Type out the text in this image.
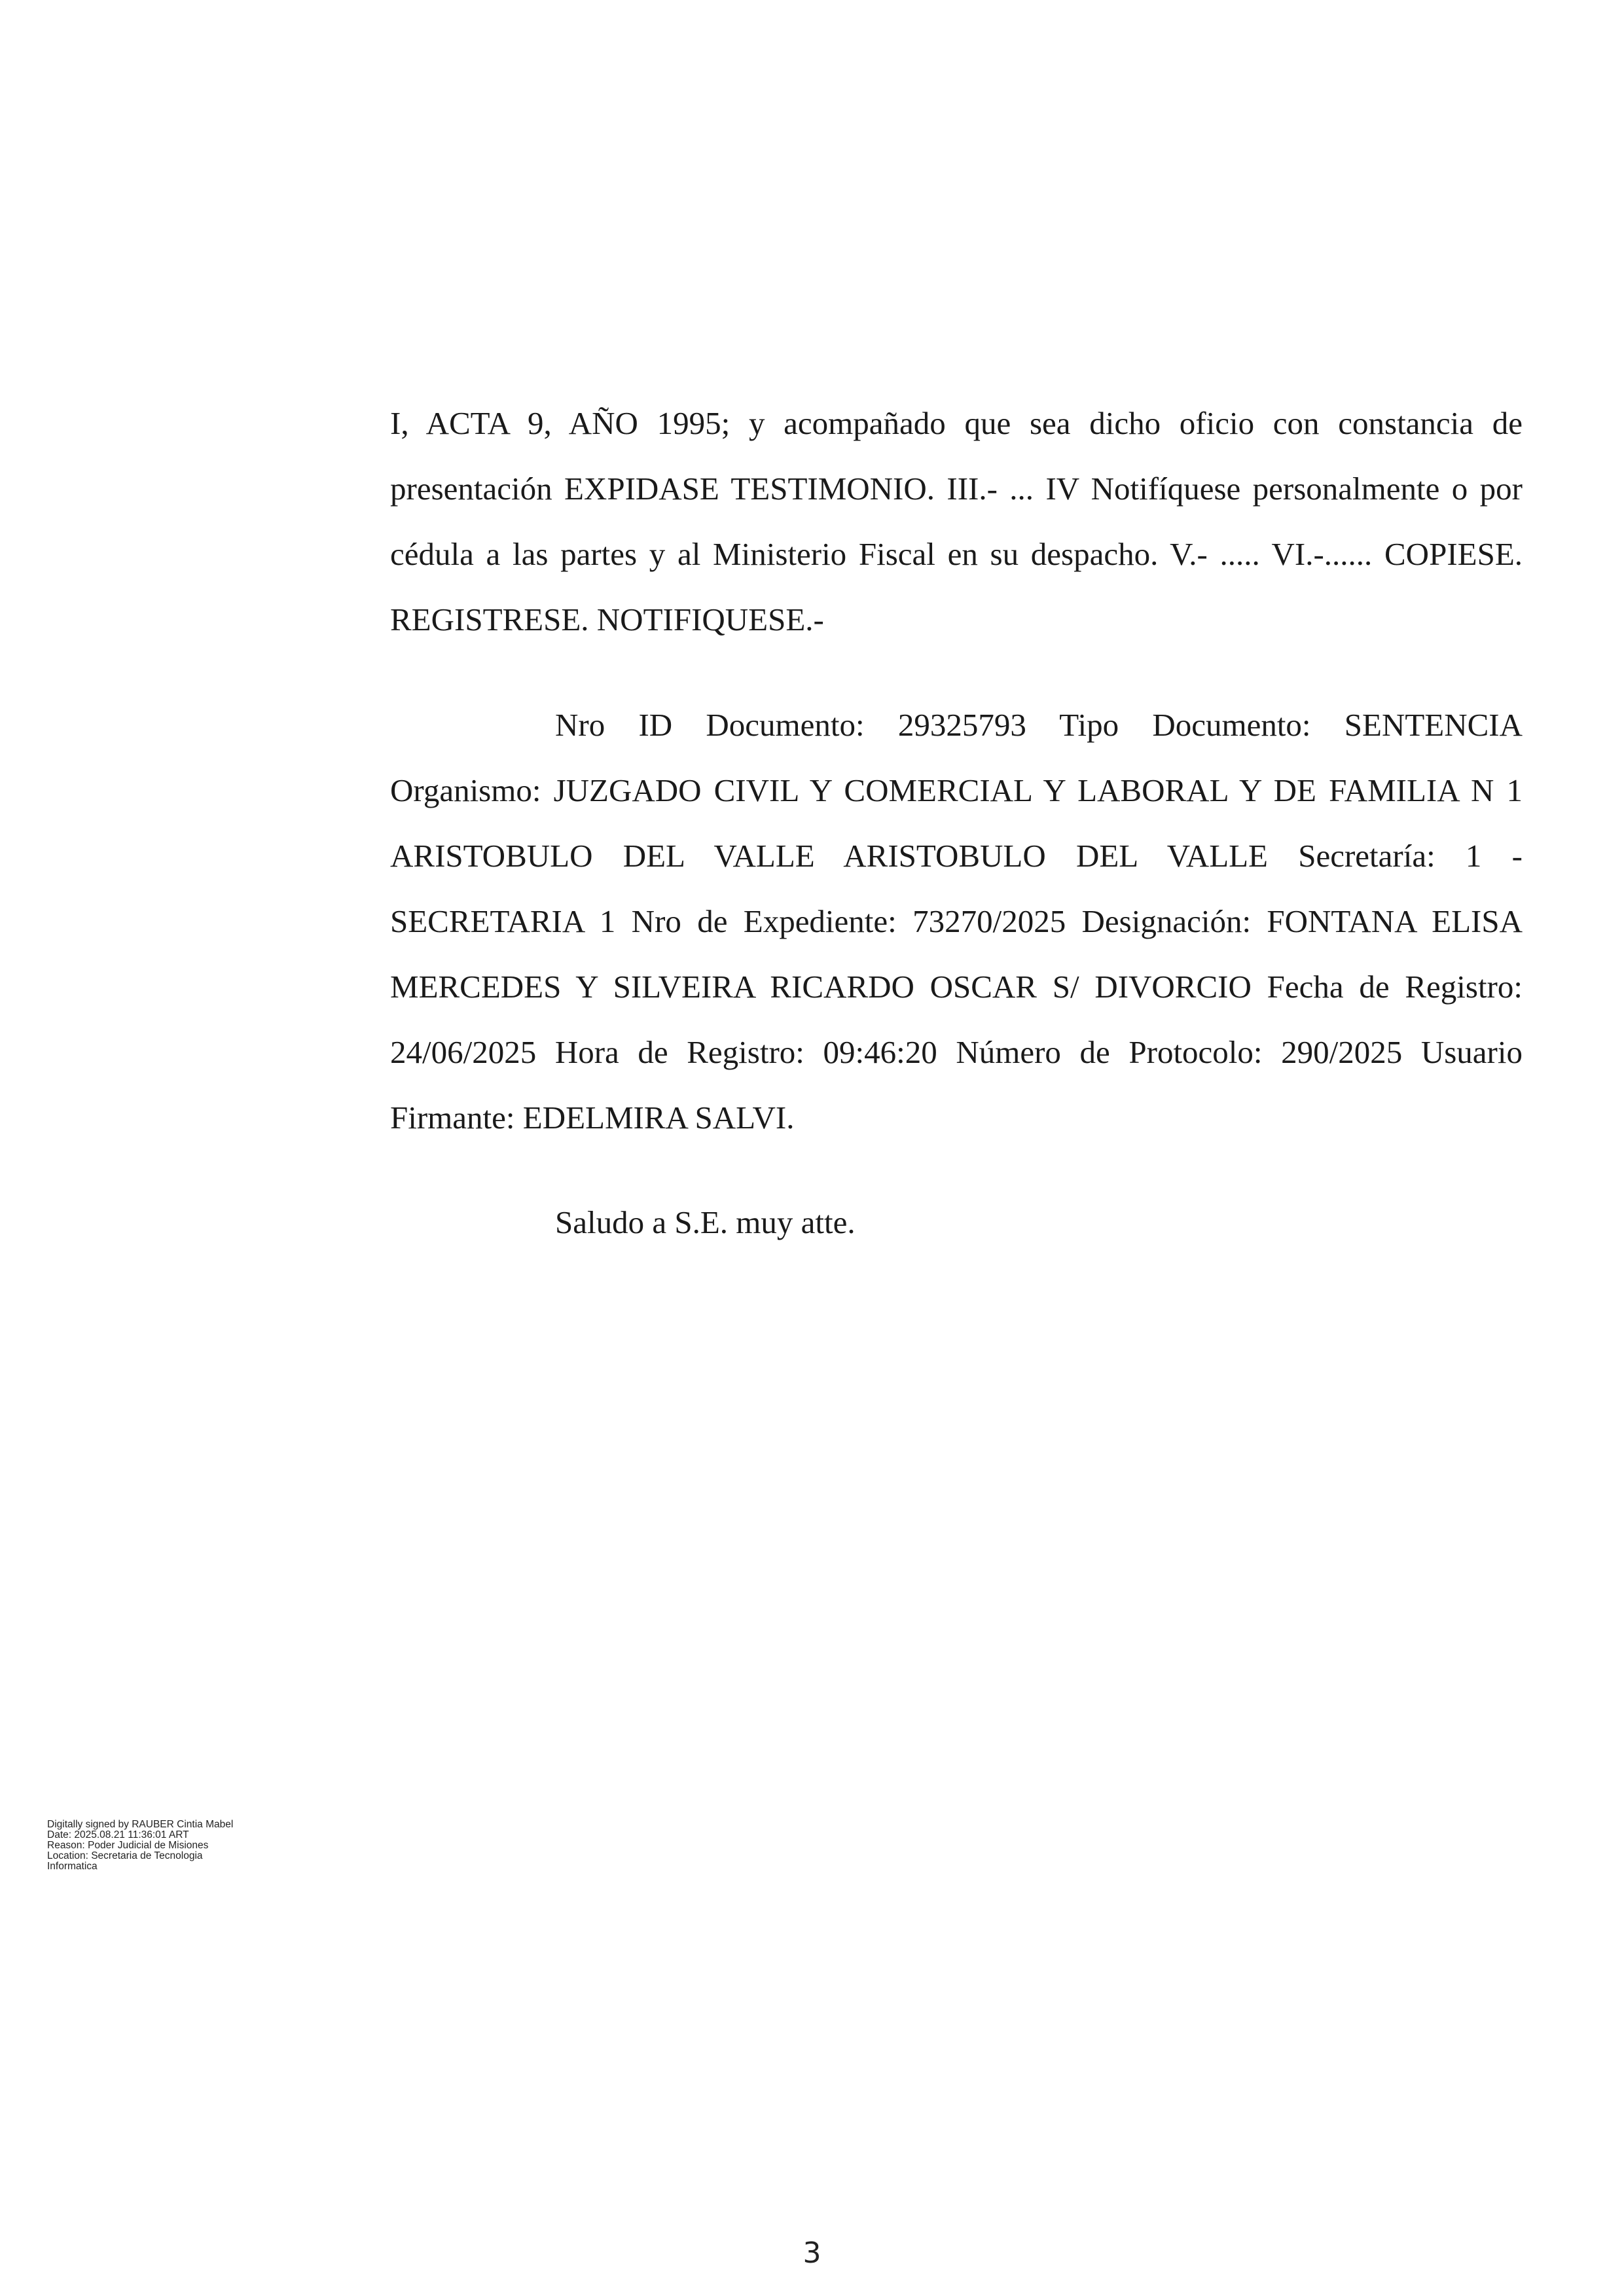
I, ACTA 9, AÑO 1995; y acompañado que sea dicho oficio con constancia de presentación EXPIDASE TESTIMONIO. III.- ... IV Notifíquese personalmente o por cédula a las partes y al Ministerio Fiscal en su despacho. V.- ..... VI.-...... COPIESE. REGISTRESE. NOTIFIQUESE.-

Nro ID Documento: 29325793 Tipo Documento: SENTENCIA Organismo: JUZGADO CIVIL Y COMERCIAL Y LABORAL Y DE FAMILIA N 1 ARISTOBULO DEL VALLE ARISTOBULO DEL VALLE Secretaría: 1 - SECRETARIA 1 Nro de Expediente: 73270/2025 Designación: FONTANA ELISA MERCEDES Y SILVEIRA RICARDO OSCAR S/ DIVORCIO Fecha de Registro: 24/06/2025 Hora de Registro: 09:46:20 Número de Protocolo: 290/2025 Usuario Firmante: EDELMIRA SALVI.

Saludo a S.E. muy atte.

Digitally signed by RAUBER Cintia Mabel
Date: 2025.08.21 11:36:01 ART
Reason: Poder Judicial de Misiones
Location: Secretaria de Tecnologia
Informatica
3
